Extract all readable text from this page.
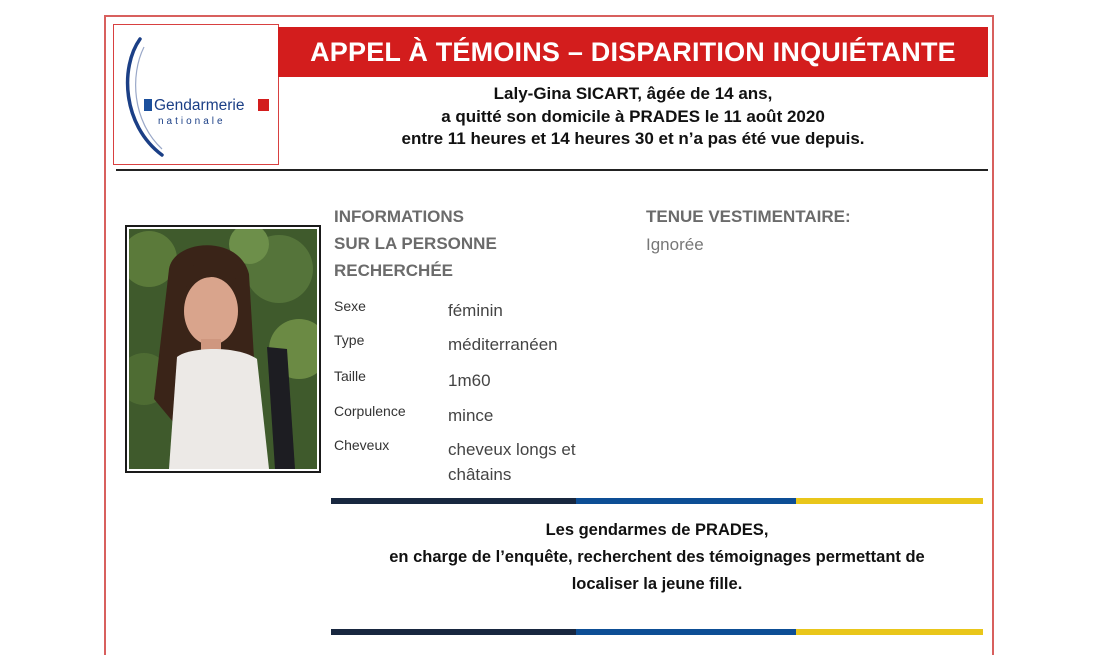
Gendarmerie
nationale
APPEL À TÉMOINS – DISPARITION INQUIÉTANTE
Laly-Gina SICART, âgée de 14 ans,
a quitté son domicile à PRADES le 11 août 2020
entre 11 heures et 14 heures 30 et n’a pas été vue depuis.
INFORMATIONS
SUR LA PERSONNE
RECHERCHÉE
Sexe	féminin
Type	méditerranéen
Taille	1m60
Corpulence mince
Cheveux	cheveux longs et châtains
TENUE VESTIMENTAIRE:
Ignorée
Les gendarmes de PRADES,
en charge de l’enquête, recherchent des témoignages permettant de
localiser la jeune fille.
